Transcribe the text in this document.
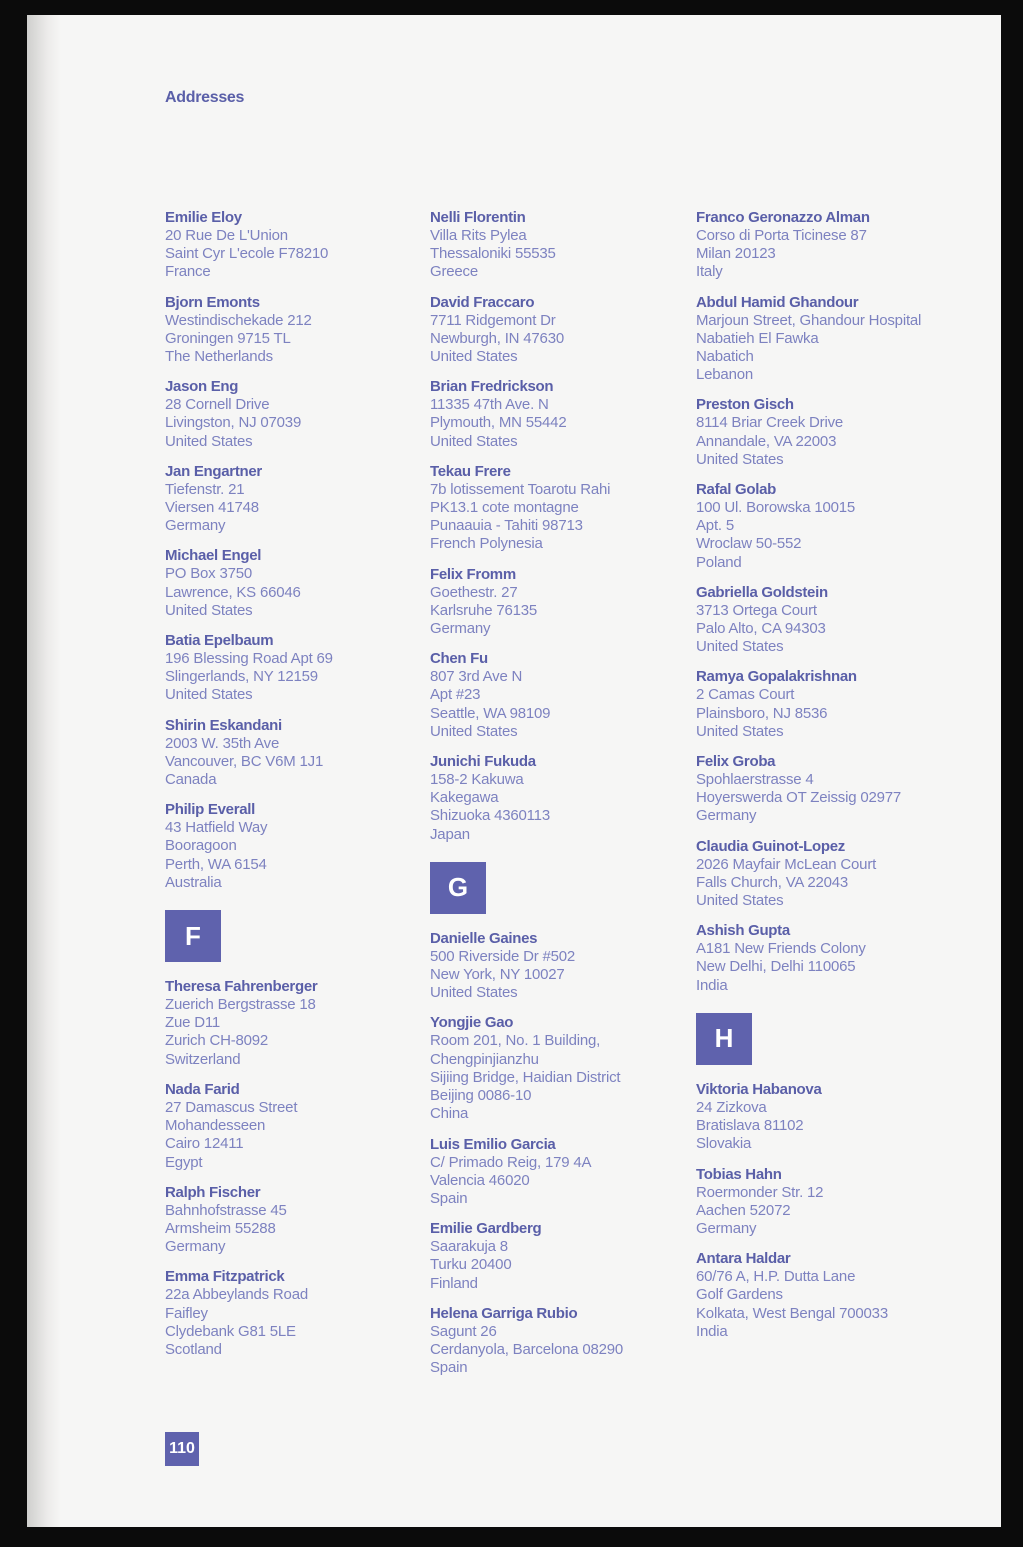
Addresses
Emilie Eloy
20 Rue De L'Union
Saint Cyr L'ecole F78210
France
Bjorn Emonts
Westindischekade 212
Groningen 9715 TL
The Netherlands
Jason Eng
28 Cornell Drive
Livingston, NJ 07039
United States
Jan Engartner
Tiefenstr. 21
Viersen 41748
Germany
Michael Engel
PO Box 3750
Lawrence, KS 66046
United States
Batia Epelbaum
196 Blessing Road Apt 69
Slingerlands, NY 12159
United States
Shirin Eskandani
2003 W. 35th Ave
Vancouver, BC V6M 1J1
Canada
Philip Everall
43 Hatfield Way
Booragoon
Perth, WA 6154
Australia
F
Theresa Fahrenberger
Zuerich Bergstrasse 18
Zue D11
Zurich CH-8092
Switzerland
Nada Farid
27 Damascus Street
Mohandesseen
Cairo 12411
Egypt
Ralph Fischer
Bahnhofstrasse 45
Armsheim 55288
Germany
Emma Fitzpatrick
22a Abbeylands Road
Faifley
Clydebank G81 5LE
Scotland
Nelli Florentin
Villa Rits Pylea
Thessaloniki 55535
Greece
David Fraccaro
7711 Ridgemont Dr
Newburgh, IN 47630
United States
Brian Fredrickson
11335 47th Ave. N
Plymouth, MN 55442
United States
Tekau Frere
7b lotissement Toarotu Rahi
PK13.1 cote montagne
Punaauia - Tahiti 98713
French Polynesia
Felix Fromm
Goethestr. 27
Karlsruhe 76135
Germany
Chen Fu
807 3rd Ave N
Apt #23
Seattle, WA 98109
United States
Junichi Fukuda
158-2 Kakuwa
Kakegawa
Shizuoka 4360113
Japan
G
Danielle Gaines
500 Riverside Dr #502
New York, NY 10027
United States
Yongjie Gao
Room 201, No. 1 Building,
Chengpinjianzhu
Sijiing Bridge, Haidian District
Beijing 0086-10
China
Luis Emilio Garcia
C/ Primado Reig, 179 4A
Valencia 46020
Spain
Emilie Gardberg
Saarakuja 8
Turku 20400
Finland
Helena Garriga Rubio
Sagunt 26
Cerdanyola, Barcelona 08290
Spain
Franco Geronazzo Alman
Corso di Porta Ticinese 87
Milan 20123
Italy
Abdul Hamid Ghandour
Marjoun Street, Ghandour Hospital
Nabatieh El Fawka
Nabatich
Lebanon
Preston Gisch
8114 Briar Creek Drive
Annandale, VA 22003
United States
Rafal Golab
100 Ul. Borowska 10015
Apt. 5
Wroclaw 50-552
Poland
Gabriella Goldstein
3713 Ortega Court
Palo Alto, CA 94303
United States
Ramya Gopalakrishnan
2 Camas Court
Plainsboro, NJ 8536
United States
Felix Groba
Spohlaerstrasse 4
Hoyerswerda OT Zeissig 02977
Germany
Claudia Guinot-Lopez
2026 Mayfair McLean Court
Falls Church, VA 22043
United States
Ashish Gupta
A181 New Friends Colony
New Delhi, Delhi 110065
India
H
Viktoria Habanova
24 Zizkova
Bratislava 81102
Slovakia
Tobias Hahn
Roermonder Str. 12
Aachen 52072
Germany
Antara Haldar
60/76 A, H.P. Dutta Lane
Golf Gardens
Kolkata, West Bengal 700033
India
110
